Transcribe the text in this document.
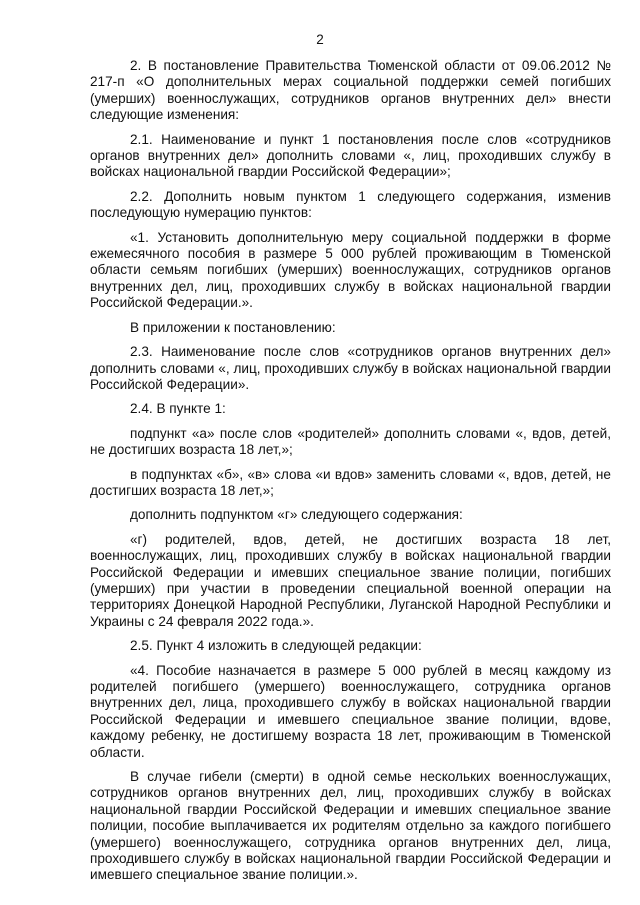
2

2. В постановление Правительства Тюменской области от 09.06.2012 № 217-п «О дополнительных мерах социальной поддержки семей погибших (умерших) военнослужащих, сотрудников органов внутренних дел» внести следующие изменения:

2.1. Наименование и пункт 1 постановления после слов «сотрудников органов внутренних дел» дополнить словами «, лиц, проходивших службу в войсках национальной гвардии Российской Федерации»;

2.2. Дополнить новым пунктом 1 следующего содержания, изменив последующую нумерацию пунктов:

«1. Установить дополнительную меру социальной поддержки в форме ежемесячного пособия в размере 5 000 рублей проживающим в Тюменской области семьям погибших (умерших) военнослужащих, сотрудников органов внутренних дел, лиц, проходивших службу в войсках национальной гвардии Российской Федерации.».

В приложении к постановлению:

2.3. Наименование после слов «сотрудников органов внутренних дел» дополнить словами «, лиц, проходивших службу в войсках национальной гвардии Российской Федерации».

2.4. В пункте 1:

подпункт «а» после слов «родителей» дополнить словами «, вдов, детей, не достигших возраста 18 лет,»;

в подпунктах «б», «в» слова «и вдов» заменить словами «, вдов, детей, не достигших возраста 18 лет,»;

дополнить подпунктом «г» следующего содержания:

«г) родителей, вдов, детей, не достигших возраста 18 лет, военнослужащих, лиц, проходивших службу в войсках национальной гвардии Российской Федерации и имевших специальное звание полиции, погибших (умерших) при участии в проведении специальной военной операции на территориях Донецкой Народной Республики, Луганской Народной Республики и Украины с 24 февраля 2022 года.».

2.5. Пункт 4 изложить в следующей редакции:

«4. Пособие назначается в размере 5 000 рублей в месяц каждому из родителей погибшего (умершего) военнослужащего, сотрудника органов внутренних дел, лица, проходившего службу в войсках национальной гвардии Российской Федерации и имевшего специальное звание полиции, вдове, каждому ребенку, не достигшему возраста 18 лет, проживающим в Тюменской области.

В случае гибели (смерти) в одной семье нескольких военнослужащих, сотрудников органов внутренних дел, лиц, проходивших службу в войсках национальной гвардии Российской Федерации и имевших специальное звание полиции, пособие выплачивается их родителям отдельно за каждого погибшего (умершего) военнослужащего, сотрудника органов внутренних дел, лица, проходившего службу в войсках национальной гвардии Российской Федерации и имевшего специальное звание полиции.».
